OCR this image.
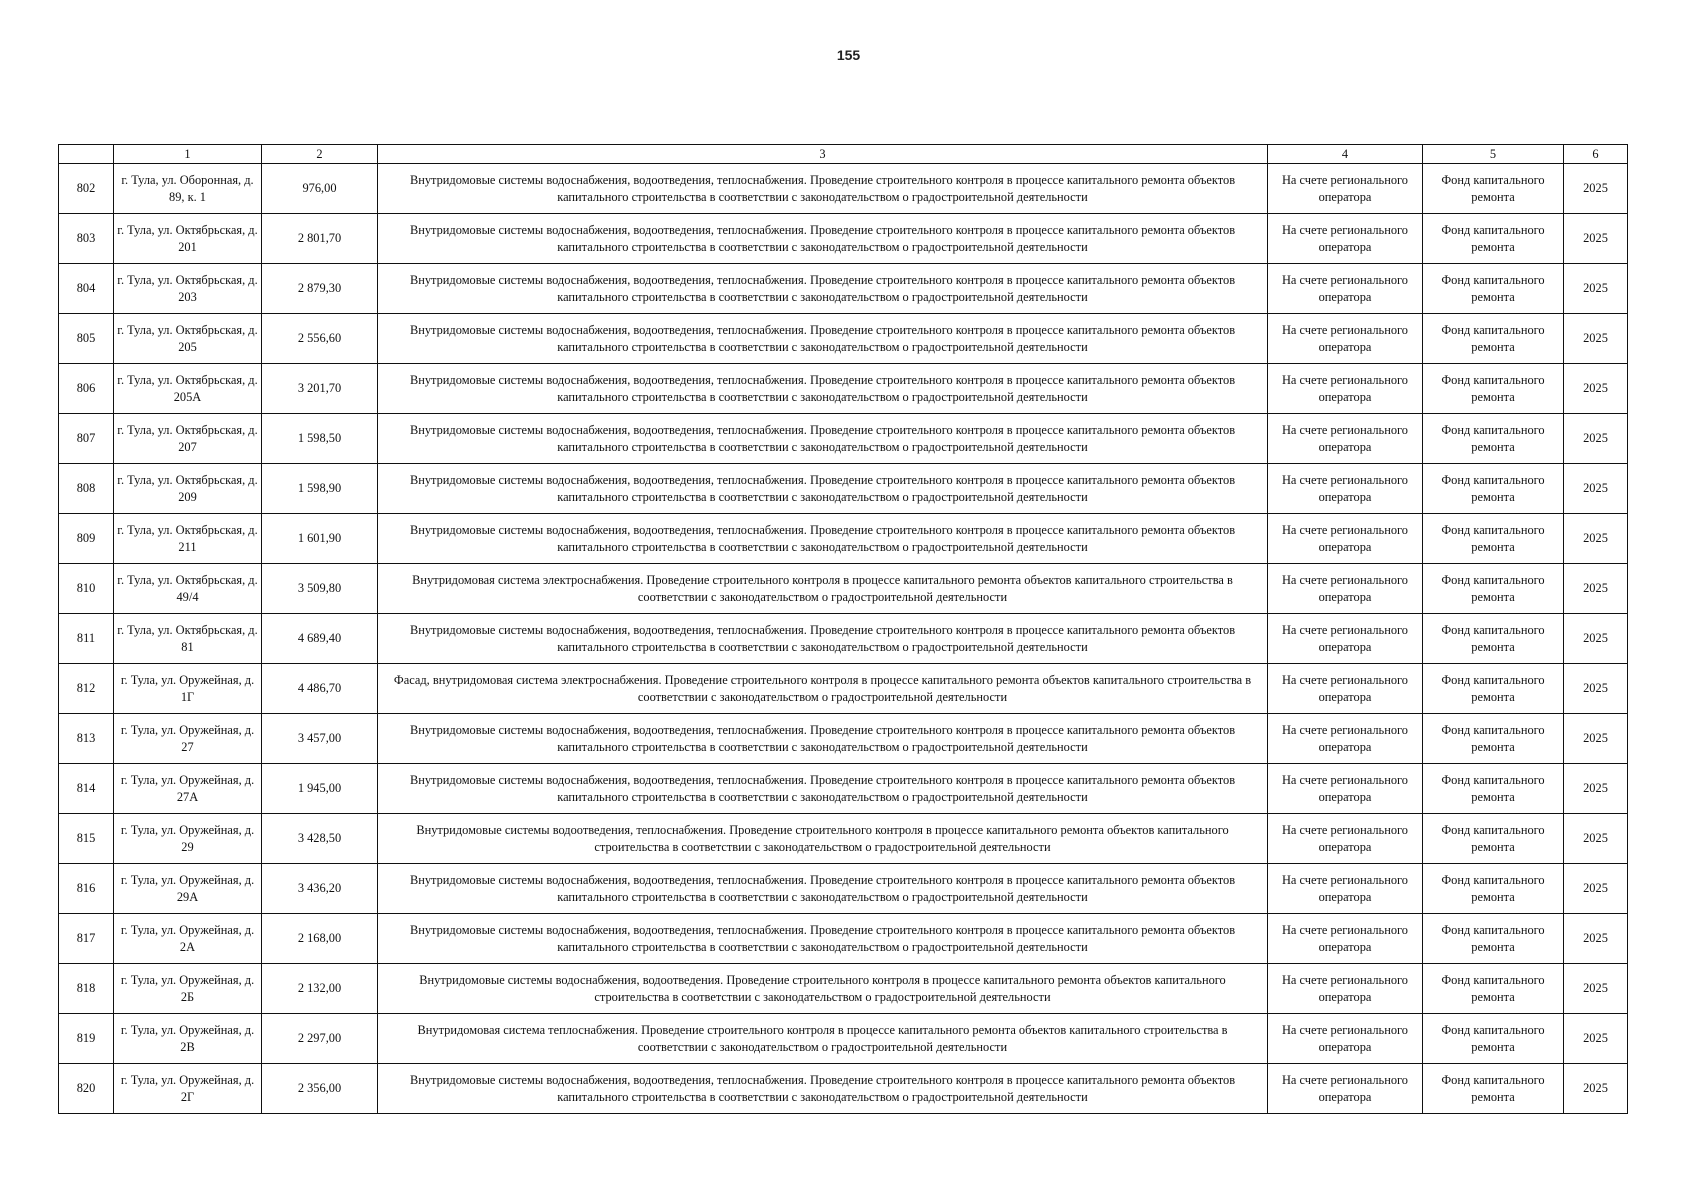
155
	1	2	3	4	5	6
802	г. Тула, ул. Оборонная, д. 89, к. 1	976,00	Внутридомовые системы водоснабжения, водоотведения, теплоснабжения. Проведение строительного контроля в процессе капитального ремонта объектов капитального строительства в соответствии с законодательством о градостроительной деятельности	На счете регионального оператора	Фонд капитального ремонта	2025
803	г. Тула, ул. Октябрьская, д. 201	2 801,70	Внутридомовые системы водоснабжения, водоотведения, теплоснабжения. Проведение строительного контроля в процессе капитального ремонта объектов капитального строительства в соответствии с законодательством о градостроительной деятельности	На счете регионального оператора	Фонд капитального ремонта	2025
804	г. Тула, ул. Октябрьская, д. 203	2 879,30	Внутридомовые системы водоснабжения, водоотведения, теплоснабжения. Проведение строительного контроля в процессе капитального ремонта объектов капитального строительства в соответствии с законодательством о градостроительной деятельности	На счете регионального оператора	Фонд капитального ремонта	2025
805	г. Тула, ул. Октябрьская, д. 205	2 556,60	Внутридомовые системы водоснабжения, водоотведения, теплоснабжения. Проведение строительного контроля в процессе капитального ремонта объектов капитального строительства в соответствии с законодательством о градостроительной деятельности	На счете регионального оператора	Фонд капитального ремонта	2025
806	г. Тула, ул. Октябрьская, д. 205А	3 201,70	Внутридомовые системы водоснабжения, водоотведения, теплоснабжения. Проведение строительного контроля в процессе капитального ремонта объектов капитального строительства в соответствии с законодательством о градостроительной деятельности	На счете регионального оператора	Фонд капитального ремонта	2025
807	г. Тула, ул. Октябрьская, д. 207	1 598,50	Внутридомовые системы водоснабжения, водоотведения, теплоснабжения. Проведение строительного контроля в процессе капитального ремонта объектов капитального строительства в соответствии с законодательством о градостроительной деятельности	На счете регионального оператора	Фонд капитального ремонта	2025
808	г. Тула, ул. Октябрьская, д. 209	1 598,90	Внутридомовые системы водоснабжения, водоотведения, теплоснабжения. Проведение строительного контроля в процессе капитального ремонта объектов капитального строительства в соответствии с законодательством о градостроительной деятельности	На счете регионального оператора	Фонд капитального ремонта	2025
809	г. Тула, ул. Октябрьская, д. 211	1 601,90	Внутридомовые системы водоснабжения, водоотведения, теплоснабжения. Проведение строительного контроля в процессе капитального ремонта объектов капитального строительства в соответствии с законодательством о градостроительной деятельности	На счете регионального оператора	Фонд капитального ремонта	2025
810	г. Тула, ул. Октябрьская, д. 49/4	3 509,80	Внутридомовая система электроснабжения. Проведение строительного контроля в процессе капитального ремонта объектов капитального строительства в соответствии с законодательством о градостроительной деятельности	На счете регионального оператора	Фонд капитального ремонта	2025
811	г. Тула, ул. Октябрьская, д. 81	4 689,40	Внутридомовые системы водоснабжения, водоотведения, теплоснабжения. Проведение строительного контроля в процессе капитального ремонта объектов капитального строительства в соответствии с законодательством о градостроительной деятельности	На счете регионального оператора	Фонд капитального ремонта	2025
812	г. Тула, ул. Оружейная, д. 1Г	4 486,70	Фасад, внутридомовая система электроснабжения. Проведение строительного контроля в процессе капитального ремонта объектов капитального строительства в соответствии с законодательством о градостроительной деятельности	На счете регионального оператора	Фонд капитального ремонта	2025
813	г. Тула, ул. Оружейная, д. 27	3 457,00	Внутридомовые системы водоснабжения, водоотведения, теплоснабжения. Проведение строительного контроля в процессе капитального ремонта объектов капитального строительства в соответствии с законодательством о градостроительной деятельности	На счете регионального оператора	Фонд капитального ремонта	2025
814	г. Тула, ул. Оружейная, д. 27А	1 945,00	Внутридомовые системы водоснабжения, водоотведения, теплоснабжения. Проведение строительного контроля в процессе капитального ремонта объектов капитального строительства в соответствии с законодательством о градостроительной деятельности	На счете регионального оператора	Фонд капитального ремонта	2025
815	г. Тула, ул. Оружейная, д. 29	3 428,50	Внутридомовые системы водоотведения, теплоснабжения. Проведение строительного контроля в процессе капитального ремонта объектов капитального строительства в соответствии с законодательством о градостроительной деятельности	На счете регионального оператора	Фонд капитального ремонта	2025
816	г. Тула, ул. Оружейная, д. 29А	3 436,20	Внутридомовые системы водоснабжения, водоотведения, теплоснабжения. Проведение строительного контроля в процессе капитального ремонта объектов капитального строительства в соответствии с законодательством о градостроительной деятельности	На счете регионального оператора	Фонд капитального ремонта	2025
817	г. Тула, ул. Оружейная, д. 2А	2 168,00	Внутридомовые системы водоснабжения, водоотведения, теплоснабжения. Проведение строительного контроля в процессе капитального ремонта объектов капитального строительства в соответствии с законодательством о градостроительной деятельности	На счете регионального оператора	Фонд капитального ремонта	2025
818	г. Тула, ул. Оружейная, д. 2Б	2 132,00	Внутридомовые системы водоснабжения, водоотведения. Проведение строительного контроля в процессе капитального ремонта объектов капитального строительства в соответствии с законодательством о градостроительной деятельности	На счете регионального оператора	Фонд капитального ремонта	2025
819	г. Тула, ул. Оружейная, д. 2В	2 297,00	Внутридомовая система теплоснабжения. Проведение строительного контроля в процессе капитального ремонта объектов капитального строительства в соответствии с законодательством о градостроительной деятельности	На счете регионального оператора	Фонд капитального ремонта	2025
820	г. Тула, ул. Оружейная, д. 2Г	2 356,00	Внутридомовые системы водоснабжения, водоотведения, теплоснабжения. Проведение строительного контроля в процессе капитального ремонта объектов капитального строительства в соответствии с законодательством о градостроительной деятельности	На счете регионального оператора	Фонд капитального ремонта	2025
